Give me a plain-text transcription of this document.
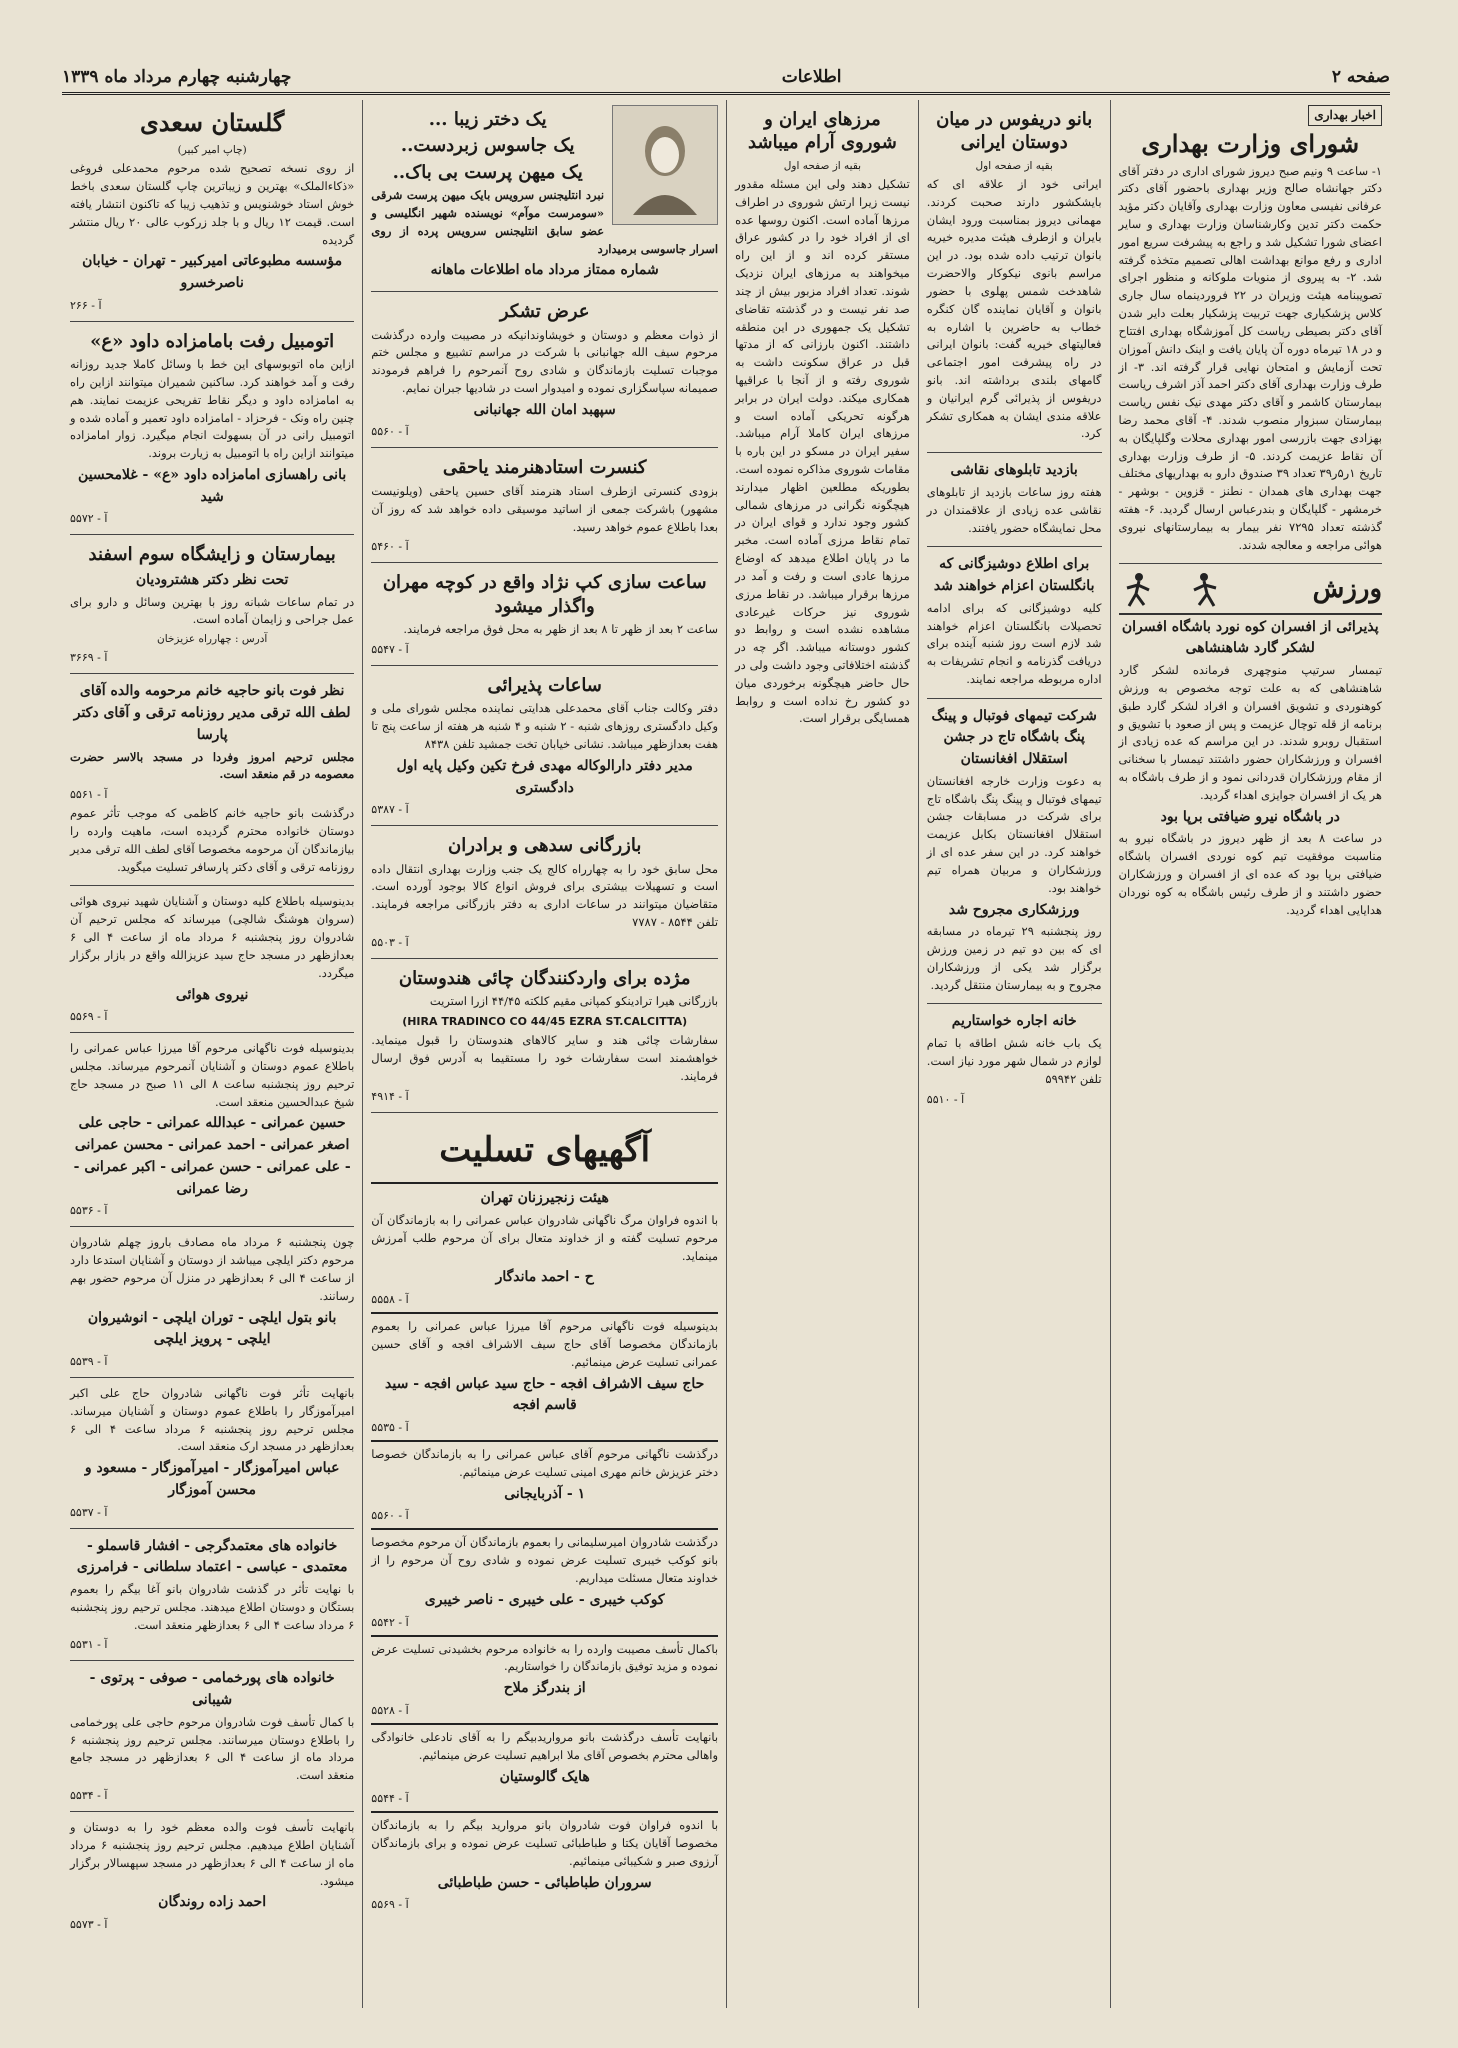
صفحه ۲
اطلاعات
چهارشنبه چهارم مرداد ماه ۱۳۳۹
اخبار بهداری
شورای وزارت بهداری

۱- ساعت ۹ ونیم صبح دیروز شورای اداری در دفتر آقای دکتر جهانشاه صالح وزیر بهداری باحضور آقای دکتر عرفانی نفیسی معاون وزارت بهداری وآقایان دکتر مؤید حکمت دکتر تدین وکارشناسان وزارت بهداری و سایر اعضای شورا تشکیل شد و راجع به پیشرفت سریع امور اداری و رفع موانع بهداشت اهالی تصمیم متخذه گرفته شد. ۲- به پیروی از منویات ملوکانه و منظور اجرای تصویبنامه هیئت وزیران در ۲۲ فروردینماه سال جاری کلاس پزشکیاری جهت تربیت پزشکیار بعلت دایر شدن آقای دکتر بصیطی ریاست کل آموزشگاه بهداری افتتاح و در ۱۸ تیرماه دوره آن پایان یافت و اینک دانش آموزان تحت آزمایش و امتحان نهایی قرار گرفته اند. ۳- از طرف وزارت بهداری آقای دکتر احمد آذر اشرف ریاست بیمارستان کاشمر و آقای دکتر مهدی نیک نفس ریاست بیمارستان سبزوار منصوب شدند. ۴- آقای محمد رضا بهزادی جهت بازرسی امور بهداری محلات وگلپایگان به آن نقاط عزیمت کردند. ۵- از طرف وزارت بهداری تاریخ ۱ر۵ر۳۹ تعداد ۳۹ صندوق دارو به بهداریهای مختلف جهت بهداری های همدان - نطنز - قزوین - بوشهر - خرمشهر - گلپایگان و بندرعباس ارسال گردید. ۶- هفته گذشته تعداد ۷۲۹۵ نفر بیمار به بیمارستانهای نیروی هوائی مراجعه و معالجه شدند.

ورزش
پذیرائی از افسران کوه نورد باشگاه افسران لشکر گارد شاهنشاهی

تیمسار سرتیپ منوچهری فرمانده لشکر گارد شاهنشاهی که به علت توجه مخصوص به ورزش کوهنوردی و تشویق افسران و افراد لشکر گارد طبق برنامه از قله توچال عزیمت و پس از صعود با تشویق و استقبال روبرو شدند. در این مراسم که عده زیادی از افسران و ورزشکاران حضور داشتند تیمسار با سخنانی از مقام ورزشکاران قدردانی نمود و از طرف باشگاه به هر یک از افسران جوایزی اهداء گردید.

در باشگاه نیرو ضیافتی برپا بود

در ساعت ۸ بعد از ظهر دیروز در باشگاه نیرو به مناسبت موفقیت تیم کوه نوردی افسران باشگاه ضیافتی برپا بود که عده ای از افسران و ورزشکاران حضور داشتند و از طرف رئیس باشگاه به کوه نوردان هدایایی اهداء گردید.

بانو دریفوس در میان دوستان ایرانی
بقیه از صفحه اول

ایرانی خود از علاقه ای که بایشکشور دارند صحبت کردند. مهمانی دیروز بمناسبت ورود ایشان بایران و ازطرف هیئت مدیره خیریه بانوان ترتیب داده شده بود. در این مراسم بانوی نیکوکار والاحضرت شاهدخت شمس پهلوی با حضور بانوان و آقایان نماینده گان کنگره خطاب به حاضرین با اشاره به فعالیتهای خیریه گفت: بانوان ایرانی در راه پیشرفت امور اجتماعی گامهای بلندی برداشته اند. بانو دریفوس از پذیرائی گرم ایرانیان و علاقه مندی ایشان به همکاری تشکر کرد.

بازدید تابلوهای نقاشی

هفته روز ساعات بازدید از تابلوهای نقاشی عده زیادی از علاقمندان در محل نمایشگاه حضور یافتند.

برای اطلاع دوشیزگانی که بانگلستان اعزام خواهند شد

کلیه دوشیزگانی که برای ادامه تحصیلات بانگلستان اعزام خواهند شد لازم است روز شنبه آینده برای دریافت گذرنامه و انجام تشریفات به اداره مربوطه مراجعه نمایند.

شرکت تیمهای فوتبال و پینگ پنگ باشگاه تاج در جشن استقلال افغانستان

به دعوت وزارت خارجه افغانستان تیمهای فوتبال و پینگ پنگ باشگاه تاج برای شرکت در مسابقات جشن استقلال افغانستان بکابل عزیمت خواهند کرد. در این سفر عده ای از ورزشکاران و مربیان همراه تیم خواهند بود.

ورزشکاری مجروح شد

روز پنجشنبه ۲۹ تیرماه در مسابقه ای که بین دو تیم در زمین ورزش برگزار شد یکی از ورزشکاران مجروح و به بیمارستان منتقل گردید.

خانه اجاره خواستاریم

یک باب خانه شش اطاقه با تمام لوازم در شمال شهر مورد نیاز است. تلفن ۵۹۹۴۲

آ - ۵۵۱۰
مرزهای ایران و شوروی آرام میباشد
بقیه از صفحه اول

تشکیل دهند ولی این مسئله مقدور نیست زیرا ارتش شوروی در اطراف مرزها آماده است. اکنون روسها عده ای از افراد خود را در کشور عراق مستقر کرده اند و از این راه میخواهند به مرزهای ایران نزدیک شوند. تعداد افراد مزبور بیش از چند صد نفر نیست و در گذشته تقاضای تشکیل یک جمهوری در این منطقه داشتند. اکنون بارزانی که از مدتها قبل در عراق سکونت داشت به شوروی رفته و از آنجا با عراقیها همکاری میکند. دولت ایران در برابر هرگونه تحریکی آماده است و مرزهای ایران کاملا آرام میباشد. سفیر ایران در مسکو در این باره با مقامات شوروی مذاکره نموده است. بطوریکه مطلعین اظهار میدارند هیچگونه نگرانی در مرزهای شمالی کشور وجود ندارد و قوای ایران در تمام نقاط مرزی آماده است. مخبر ما در پایان اطلاع میدهد که اوضاع مرزها عادی است و رفت و آمد در مرزها برقرار میباشد. در نقاط مرزی شوروی نیز حرکات غیرعادی مشاهده نشده است و روابط دو کشور دوستانه میباشد. اگر چه در گذشته اختلافاتی وجود داشت ولی در حال حاضر هیچگونه برخوردی میان دو کشور رخ نداده است و روابط همسایگی برقرار است.

یک دختر زیبا ...
یک جاسوس زبردست..
یک میهن پرست بی باک..

نبرد انتلیجنس سرویس بایک میهن پرست شرقی «سومرست موآم» نویسنده شهیر انگلیسی و عضو سابق انتلیجنس سرویس پرده از روی اسرار جاسوسی برمیدارد

شماره ممتاز مرداد ماه اطلاعات ماهانه
عرض تشکر

از ذوات معظم و دوستان و خویشاوندانیکه در مصیبت وارده درگذشت مرحوم سیف الله جهانبانی با شرکت در مراسم تشییع و مجلس ختم موجبات تسلیت بازماندگان و شادی روح آنمرحوم را فراهم فرمودند صمیمانه سپاسگزاری نموده و امیدوار است در شادیها جبران نمایم.

سپهبد امان الله جهانبانی
آ - ۵۵۶۰
کنسرت استادهنرمند یاحقی

بزودی کنسرتی ازطرف استاد هنرمند آقای حسین یاحقی (ویلونیست مشهور) باشرکت جمعی از اساتید موسیقی داده خواهد شد که روز آن بعدا باطلاع عموم خواهد رسید.

آ - ۵۴۶۰
ساعت سازی کپ نژاد واقع در کوچه مهران واگذار میشود

ساعت ۲ بعد از ظهر تا ۸ بعد از ظهر به محل فوق مراجعه فرمایند.

آ - ۵۵۴۷
ساعات پذیرائی

دفتر وکالت جناب آقای محمدعلی هدایتی نماینده مجلس شورای ملی و وکیل دادگستری روزهای شنبه - ۲ شنبه و ۴ شنبه هر هفته از ساعت پنج تا هفت بعدازظهر میباشد. نشانی خیابان تخت جمشید تلفن ۸۴۳۸

مدیر دفتر دارالوکاله مهدی فرخ تکین وکیل پایه اول دادگستری
آ - ۵۳۸۷
بازرگانی سدهی و برادران

محل سابق خود را به چهارراه کالج یک جنب وزارت بهداری انتقال داده است و تسهیلات بیشتری برای فروش انواع کالا بوجود آورده است. متقاضیان میتوانند در ساعات اداری به دفتر بازرگانی مراجعه فرمایند. تلفن ۸۵۴۴ - ۷۷۸۷

آ - ۵۵۰۳
مژده برای واردکنندگان چائی هندوستان

بازرگانی هیرا ترادینکو کمپانی مقیم کلکته ۴۴/۴۵ ازرا استریت

(HIRA TRADINCO CO 44/45 EZRA ST.CALCITTA)

سفارشات چائی هند و سایر کالاهای هندوستان را قبول مینماید. خواهشمند است سفارشات خود را مستقیما به آدرس فوق ارسال فرمایند.

آ - ۴۹۱۴
آگهیهای تسلیت
هیئت زنجیرزنان تهران

با اندوه فراوان مرگ ناگهانی شادروان عباس عمرانی را به بازماندگان آن مرحوم تسلیت گفته و از خداوند متعال برای آن مرحوم طلب آمرزش مینماید.

ح - احمد ماندگار
آ - ۵۵۵۸

بدینوسیله فوت ناگهانی مرحوم آقا میرزا عباس عمرانی را بعموم بازماندگان مخصوصا آقای حاج سیف الاشراف افجه و آقای حسین عمرانی تسلیت عرض مینمائیم.

حاج سیف الاشراف افجه - حاج سید عباس افجه - سید قاسم افجه
آ - ۵۵۳۵

درگذشت ناگهانی مرحوم آقای عباس عمرانی را به بازماندگان خصوصا دختر عزیزش خانم مهری امینی تسلیت عرض مینمائیم.

۱ - آذربایجانی
آ - ۵۵۶۰

درگذشت شادروان امیرسلیمانی را بعموم بازماندگان آن مرحوم مخصوصا بانو کوکب خیبری تسلیت عرض نموده و شادی روح آن مرحوم را از خداوند متعال مسئلت میداریم.

کوکب خیبری - علی خیبری - ناصر خیبری
آ - ۵۵۴۲

باکمال تأسف مصیبت وارده را به خانواده مرحوم بخشیدنی تسلیت عرض نموده و مزید توفیق بازماندگان را خواستاریم.

از بندرگز ملاح
آ - ۵۵۲۸

بانهایت تأسف درگذشت بانو مرواریدبیگم را به آقای نادعلی خانوادگی واهالی محترم بخصوص آقای ملا ابراهیم تسلیت عرض مینمائیم.

هایک گالوستیان
آ - ۵۵۴۴

با اندوه فراوان فوت شادروان بانو مروارید بیگم را به بازماندگان مخصوصا آقایان یکتا و طباطبائی تسلیت عرض نموده و برای بازماندگان آرزوی صبر و شکیبائی مینمائیم.

سروران طباطبائی - حسن طباطبائی
آ - ۵۵۶۹
گلستان سعدی
(چاپ امیر کبیر)

از روی نسخه تصحیح شده مرحوم محمدعلی فروغی «ذکاءالملک» بهترین و زیباترین چاپ گلستان سعدی باخط خوش استاد خوشنویس و تذهیب زیبا که تاکنون انتشار یافته است. قیمت ۱۲ ریال و با جلد زرکوب عالی ۲۰ ریال منتشر گردیده

مؤسسه مطبوعاتی امیرکبیر - تهران - خیابان ناصرخسرو
آ - ۲۶۶
اتومبیل رفت بامامزاده داود «ع»

ازاین ماه اتوبوسهای این خط با وسائل کاملا جدید روزانه رفت و آمد خواهند کرد. ساکنین شمیران میتوانند ازاین راه به امامزاده داود و دیگر نقاط تفریحی عزیمت نمایند. هم چنین راه ونک - فرحزاد - امامزاده داود تعمیر و آماده شده و اتومبیل رانی در آن بسهولت انجام میگیرد. زوار امامزاده میتوانند ازاین راه با اتومبیل به زیارت بروند.

بانی راهسازی امامزاده داود «ع» - غلامحسین شید
آ - ۵۵۷۲
بیمارستان و زایشگاه سوم اسفند
تحت نظر دکتر هشترودیان

در تمام ساعات شبانه روز با بهترین وسائل و دارو برای عمل جراحی و زایمان آماده است.

آدرس : چهارراه عزیزخان
آ - ۳۶۶۹
نظر فوت بانو حاجیه خانم مرحومه والده آقای لطف الله ترقی مدیر روزنامه ترقی و آقای دکتر پارسا

مجلس ترحیم امروز وفردا در مسجد بالاسر حضرت معصومه در قم منعقد است.

آ - ۵۵۶۱

درگذشت بانو حاجیه خانم کاظمی که موجب تأثر عموم دوستان خانواده محترم گردیده است، ماهیت وارده را بیازماندگان آن مرحومه مخصوصا آقای لطف الله ترقی مدیر روزنامه ترقی و آقای دکتر پارسافر تسلیت میگوید.

بدینوسیله باطلاع کلیه دوستان و آشنایان شهید نیروی هوائی (سروان هوشنگ شالچی) میرساند که مجلس ترحیم آن شادروان روز پنجشنبه ۶ مرداد ماه از ساعت ۴ الی ۶ بعدازظهر در مسجد حاج سید عزیزالله واقع در بازار برگزار میگردد.

نیروی هوائی
آ - ۵۵۶۹

بدینوسیله فوت ناگهانی مرحوم آقا میرزا عباس عمرانی را باطلاع عموم دوستان و آشنایان آنمرحوم میرساند. مجلس ترحیم روز پنجشنبه ساعت ۸ الی ۱۱ صبح در مسجد حاج شیخ عبدالحسین منعقد است.

حسین عمرانی - عبدالله عمرانی - حاجی علی اصغر عمرانی - احمد عمرانی - محسن عمرانی - علی عمرانی - حسن عمرانی - اکبر عمرانی - رضا عمرانی
آ - ۵۵۳۶

چون پنجشنبه ۶ مرداد ماه مصادف باروز چهلم شادروان مرحوم دکتر ایلچی میباشد از دوستان و آشنایان استدعا دارد از ساعت ۴ الی ۶ بعدازظهر در منزل آن مرحوم حضور بهم رسانند.

بانو بتول ایلچی - توران ایلچی - انوشیروان ایلچی - پرویز ایلچی
آ - ۵۵۳۹

بانهایت تأثر فوت ناگهانی شادروان حاج علی اکبر امیرآموزگار را باطلاع عموم دوستان و آشنایان میرساند. مجلس ترحیم روز پنجشنبه ۶ مرداد ساعت ۴ الی ۶ بعدازظهر در مسجد ارک منعقد است.

عباس امیرآموزگار - امیرآموزگار - مسعود و محسن آموزگار
آ - ۵۵۳۷
خانواده های معتمدگرجی - افشار قاسملو - معتمدی - عباسی - اعتماد سلطانی - فرامرزی

با نهایت تأثر در گذشت شادروان بانو آغا بیگم را بعموم بستگان و دوستان اطلاع میدهند. مجلس ترحیم روز پنجشنبه ۶ مرداد ساعت ۴ الی ۶ بعدازظهر منعقد است.

آ - ۵۵۳۱
خانواده های پورخمامی - صوفی - پرتوی - شیبانی

با کمال تأسف فوت شادروان مرحوم حاجی علی پورخمامی را باطلاع دوستان میرسانند. مجلس ترحیم روز پنجشنبه ۶ مرداد ماه از ساعت ۴ الی ۶ بعدازظهر در مسجد جامع منعقد است.

آ - ۵۵۳۴

بانهایت تأسف فوت والده معظم خود را به دوستان و آشنایان اطلاع میدهیم. مجلس ترحیم روز پنجشنبه ۶ مرداد ماه از ساعت ۴ الی ۶ بعدازظهر در مسجد سپهسالار برگزار میشود.

احمد زاده روندگان
آ - ۵۵۷۳
